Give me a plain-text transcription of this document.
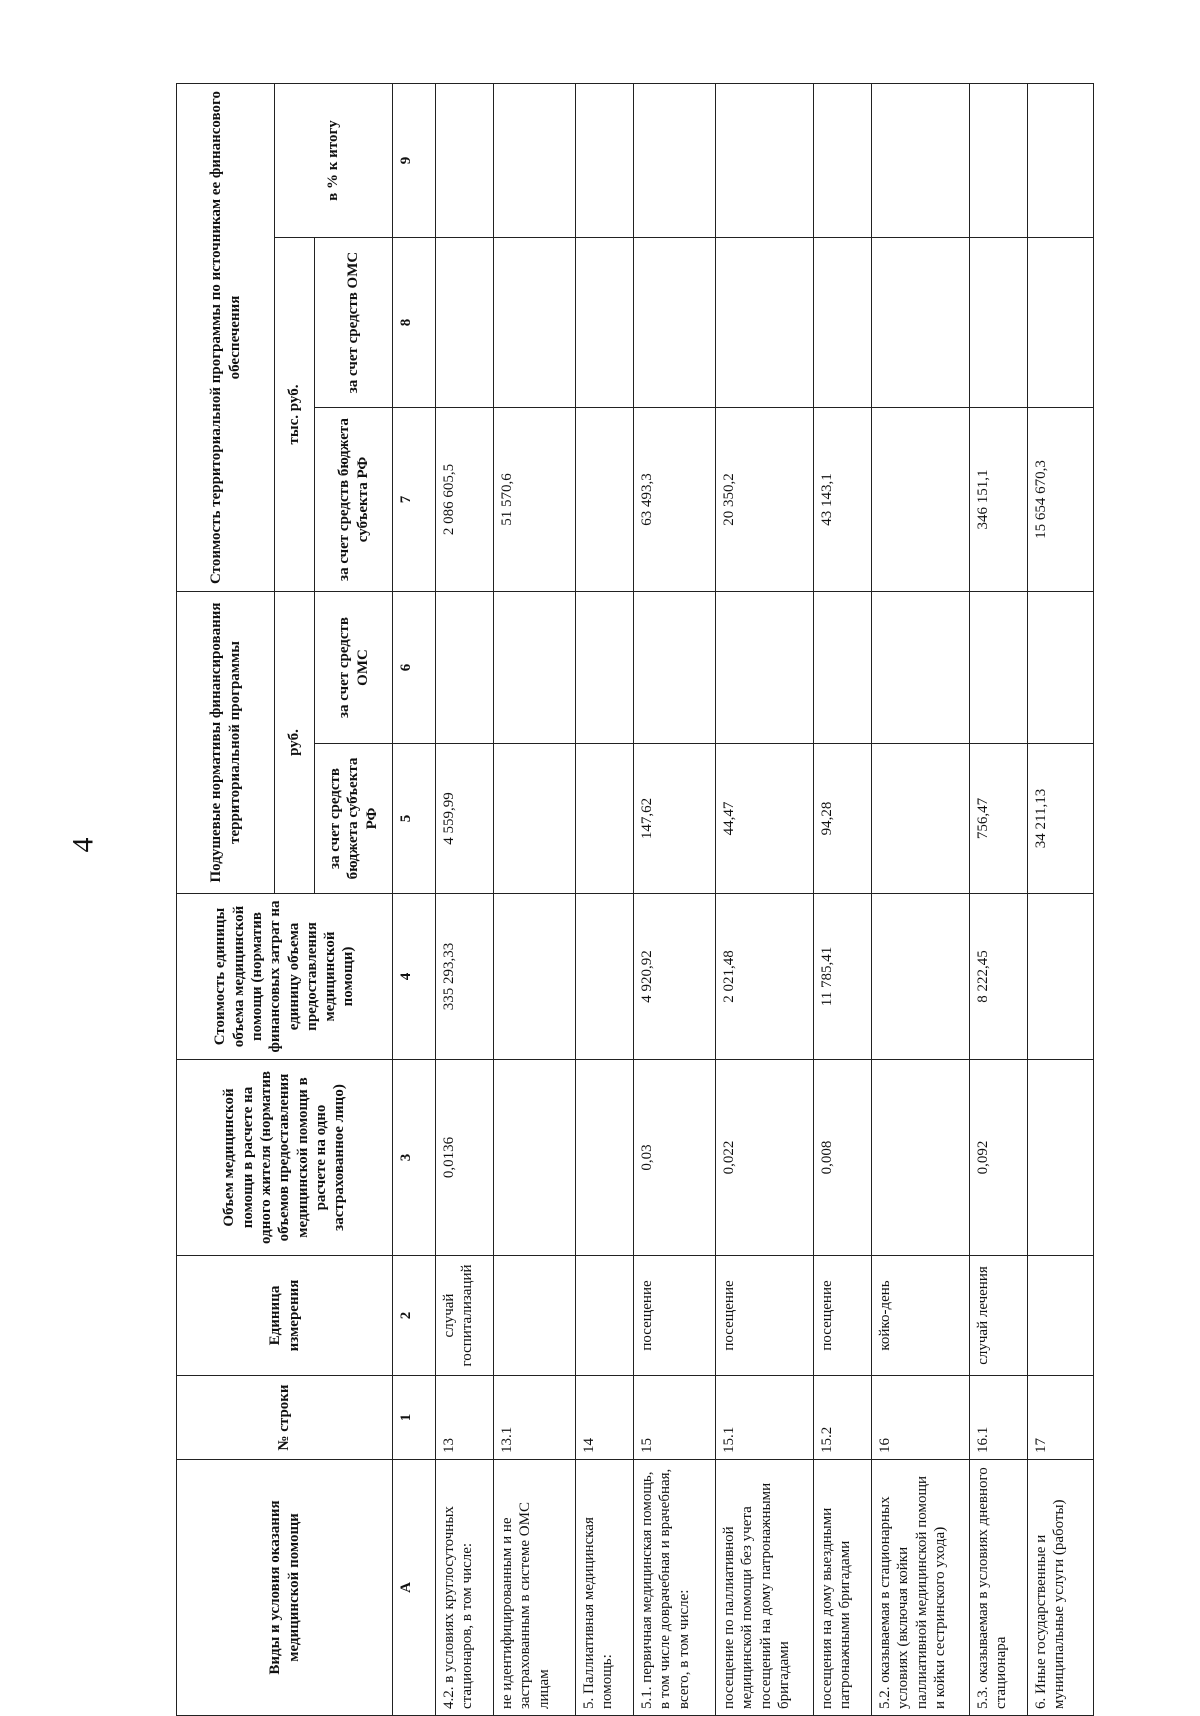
4
Виды и условия оказания медицинской помощи	№ строки	Единица измерения	Объем медицинской помощи в расчете на одного жителя (норматив объемов предоставления медицинской помощи в расчете на одно застрахованное лицо)	Стоимость единицы объема медицинской помощи (норматив финансовых затрат на единицу объема предоставления медицинской помощи)	Подушевые нормативы финансирования территориальной программы		Стоимость территориальной программы по источникам ее финансового обеспечения		
					руб.		тыс. руб.		в % к итогу
					за счет средств бюджета субъекта РФ	за счет средств ОМС	за счет средств бюджета субъекта РФ	за счет средств ОМС	
А	1	2	3	4	5	6	7	8	9
4.2. в условиях круглосуточных стационаров, в том числе:	13	случай госпитализаций	0,0136	335 293,33	4 559,99		2 086 605,5		
не идентифицированным и не застрахованным в системе ОМС лицам	13.1						51 570,6		
5. Паллиативная медицинская помощь:	14								
5.1. первичная медицинская помощь, в том числе доврачебная и врачебная, всего, в том числе:	15	посещение	0,03	4 920,92	147,62		63 493,3		
посещение по паллиативной медицинской помощи без учета посещений на дому патронажными бригадами	15.1	посещение	0,022	2 021,48	44,47		20 350,2		
посещения на дому выездными патронажными бригадами	15.2	посещение	0,008	11 785,41	94,28		43 143,1		
5.2. оказываемая в стационарных условиях (включая койки паллиативной медицинской помощи и койки сестринского ухода)	16	койко-день							
5.3. оказываемая в условиях дневного стационара	16.1	случай лечения	0,092	8 222,45	756,47		346 151,1		
6. Иные государственные и муниципальные услуги (работы)	17				34 211,13		15 654 670,3		
